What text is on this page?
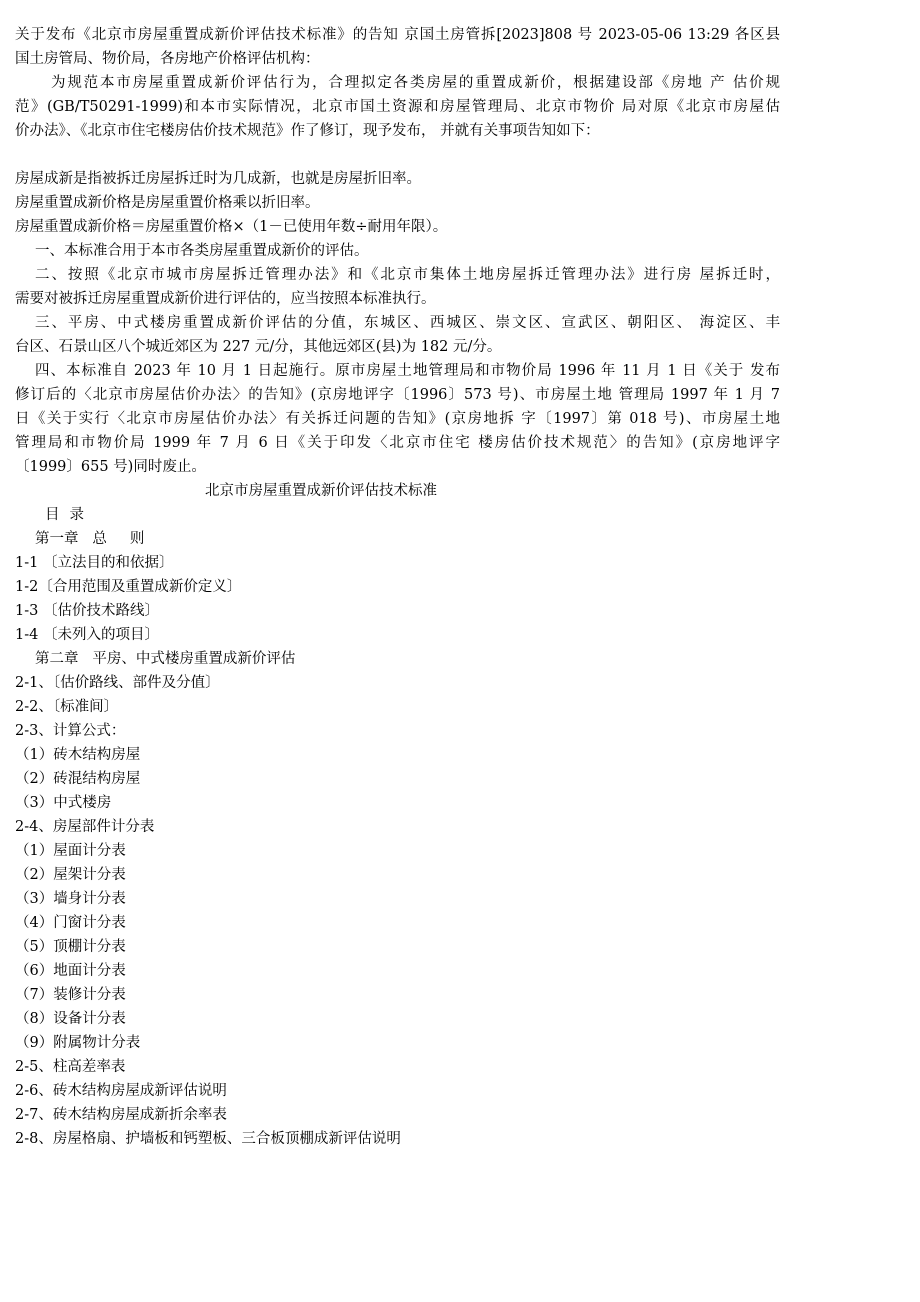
关于发布《北京市房屋重置成新价评估技术标准》的告知 京国土房管拆[2023]808 号 2023-05-06 13:29 各区县
国土房管局、物价局，各房地产价格评估机构：
为规范本市房屋重置成新价评估行为，合理拟定各类房屋的重置成新价，根据建设部《房地 产 估价规
范》(GB/T50291-1999)和本市实际情况，北京市国土资源和房屋管理局、北京市物价 局对原《北京市房屋估
价办法》、《北京市住宅楼房估价技术规范》作了修订，现予发布， 并就有关事项告知如下：
房屋成新是指被拆迁房屋拆迁时为几成新，也就是房屋折旧率。
房屋重置成新价格是房屋重置价格乘以折旧率。
房屋重置成新价格＝房屋重置价格×（1－已使用年数÷耐用年限）。
一、本标准合用于本市各类房屋重置成新价的评估。
二、按照《北京市城市房屋拆迁管理办法》和《北京市集体土地房屋拆迁管理办法》进行房 屋拆迁时，
需要对被拆迁房屋重置成新价进行评估的，应当按照本标准执行。
三、平房、中式楼房重置成新价评估的分值，东城区、西城区、崇文区、宣武区、朝阳区、 海淀区、丰
台区、石景山区八个城近郊区为 227 元/分，其他远郊区(县)为 182 元/分。
四、本标准自 2023 年 10 月 1 日起施行。原市房屋土地管理局和市物价局 1996 年 11 月 1 日《关于 发布
修订后的〈北京市房屋估价办法〉的告知》(京房地评字〔1996〕573 号)、市房屋土地 管理局 1997 年 1 月 7
日《关于实行〈北京市房屋估价办法〉有关拆迁问题的告知》(京房地拆 字〔1997〕第 018 号)、市房屋土地
管理局和市物价局 1999 年 7 月 6 日《关于印发〈北京市住宅 楼房估价技术规范〉的告知》(京房地评字
〔1999〕655 号)同时废止。
北京市房屋重置成新价评估技术标准
目录
第一章   总     则
1-1 〔立法目的和依据〕
1-2〔合用范围及重置成新价定义〕
1-3 〔估价技术路线〕
1-4 〔未列入的项目〕
第二章   平房、中式楼房重置成新价评估
2-1、〔估价路线、部件及分值〕
2-2、〔标准间〕
2-3、计算公式：
（1）砖木结构房屋
（2）砖混结构房屋
（3）中式楼房
2-4、房屋部件计分表
（1）屋面计分表
（2）屋架计分表
（3）墙身计分表
（4）门窗计分表
（5）顶棚计分表
（6）地面计分表
（7）装修计分表
（8）设备计分表
（9）附属物计分表
2-5、柱高差率表
2-6、砖木结构房屋成新评估说明
2-7、砖木结构房屋成新折余率表
2-8、房屋格扇、护墙板和钙塑板、三合板顶棚成新评估说明
